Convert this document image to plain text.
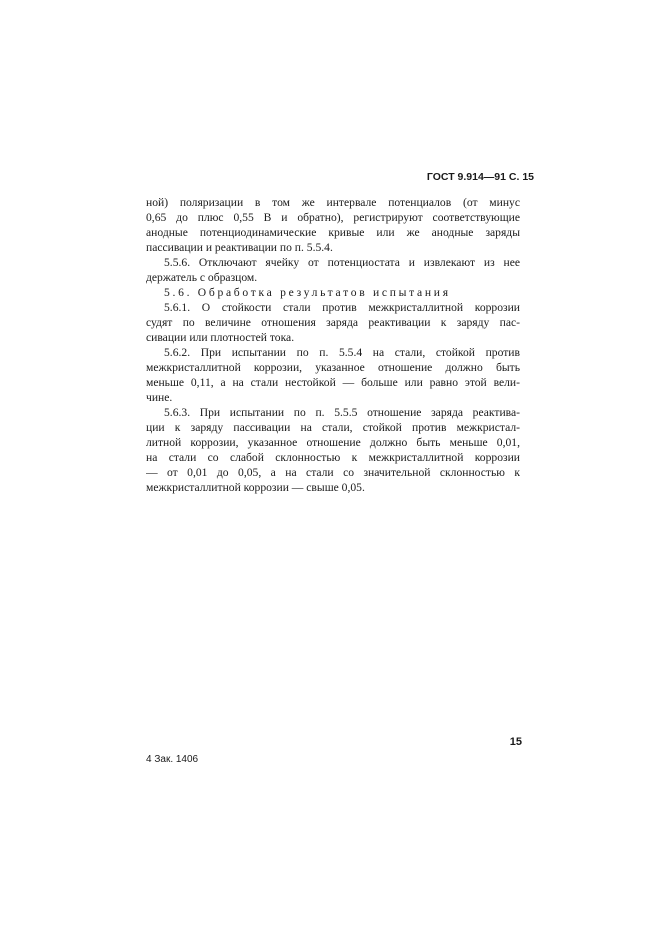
ГОСТ 9.914—91 С. 15
ной) поляризации в том же интервале потенциалов (от минус
0,65 до плюс 0,55 В и обратно), регистрируют соответствующие
анодные потенциодинамические кривые или же анодные заряды
пассивации и реактивации по п. 5.5.4.
5.5.6. Отключают ячейку от потенциостата и извлекают из нее
держатель с образцом.
5.6. Обработка результатов испытания
5.6.1. О стойкости стали против межкристаллитной коррозии
судят по величине отношения заряда реактивации к заряду пас-
сивации или плотностей тока.
5.6.2. При испытании по п. 5.5.4 на стали, стойкой против
межкристаллитной коррозии, указанное отношение должно быть
меньше 0,11, а на стали нестойкой — больше или равно этой вели-
чине.
5.6.3. При испытании по п. 5.5.5 отношение заряда реактива-
ции к заряду пассивации на стали, стойкой против межкристал-
литной коррозии, указанное отношение должно быть меньше 0,01,
на стали со слабой склонностью к межкристаллитной коррозии
— от 0,01 до 0,05, а на стали со значительной склонностью к
межкристаллитной коррозии — свыше 0,05.
15
4 Зак. 1406
